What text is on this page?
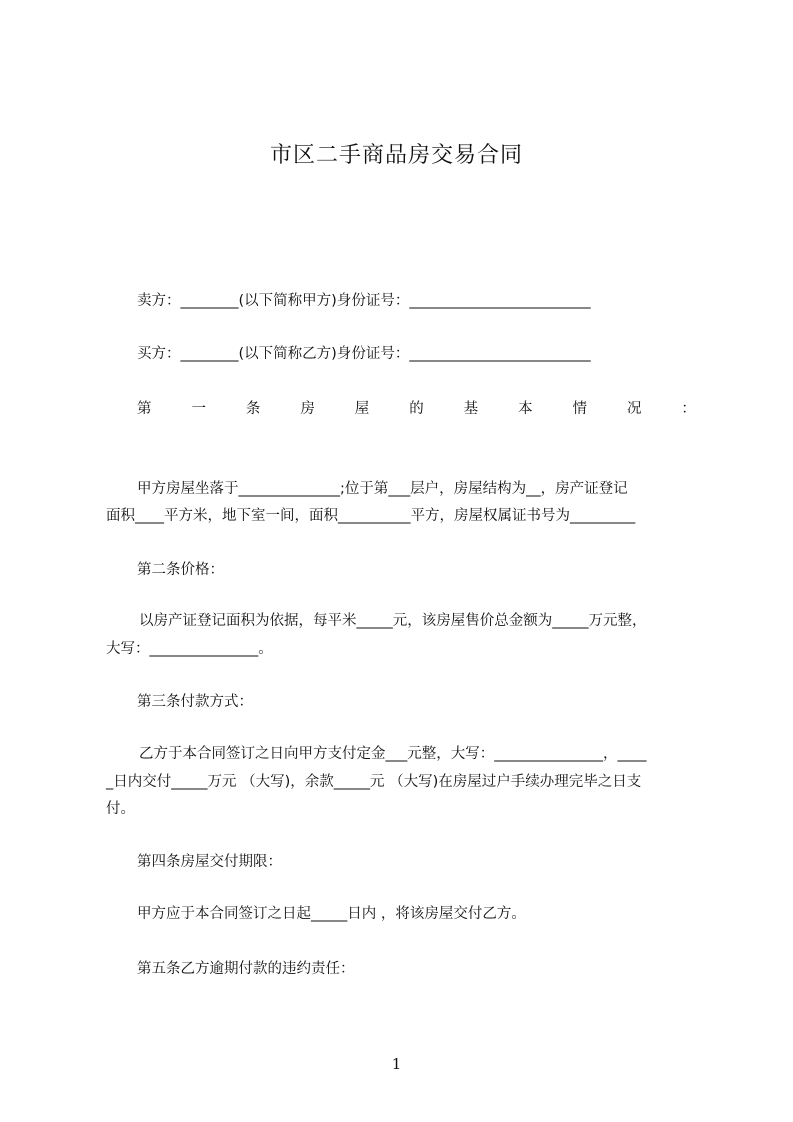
市区二手商品房交易合同
卖方：________(以下简称甲方)身份证号：_________________________
买方：________(以下简称乙方)身份证号：_________________________
第	一	条	房	屋	的	基	本	情	况	：
甲方房屋坐落于______________;位于第___层户，房屋结构为__，房产证登记
面积____平方米，地下室一间，面积__________平方，房屋权属证书号为_________
第二条价格：
以房产证登记面积为依据，每平米_____元，该房屋售价总金额为_____万元整，
大写：_______________。
第三条付款方式：
乙方于本合同签订之日向甲方支付定金___元整，大写：_______________，____
_日内交付_____万元 （大写)，余款_____元 （大写)在房屋过户手续办理完毕之日支
付。
第四条房屋交付期限：
甲方应于本合同签订之日起_____日内 ，将该房屋交付乙方。
第五条乙方逾期付款的违约责任：
1
